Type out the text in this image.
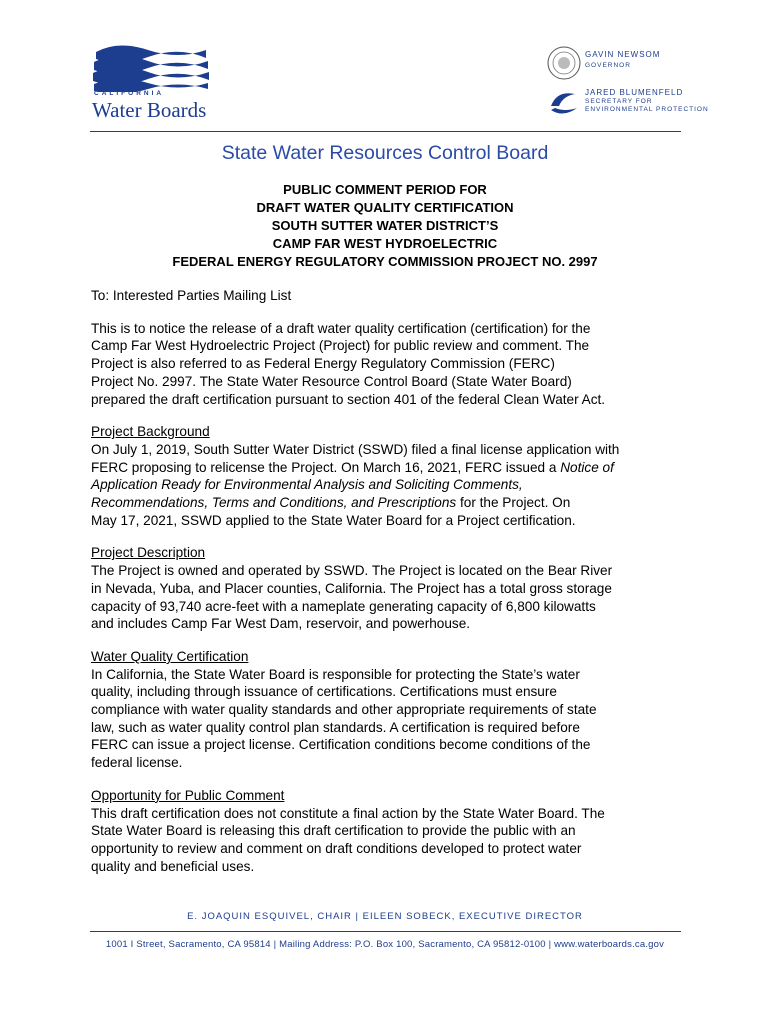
CALIFORNIA
Water Boards
GAVIN NEWSOM
GOVERNOR
JARED BLUMENFELD
SECRETARY FOR
ENVIRONMENTAL PROTECTION
State Water Resources Control Board
PUBLIC COMMENT PERIOD FOR
DRAFT WATER QUALITY CERTIFICATION
SOUTH SUTTER WATER DISTRICT’S
CAMP FAR WEST HYDROELECTRIC
FEDERAL ENERGY REGULATORY COMMISSION PROJECT NO. 2997

To: Interested Parties Mailing List

This is to notice the release of a draft water quality certification (certification) for the
Camp Far West Hydroelectric Project (Project) for public review and comment. The
Project is also referred to as Federal Energy Regulatory Commission (FERC)
Project No. 2997. The State Water Resource Control Board (State Water Board)
prepared the draft certification pursuant to section 401 of the federal Clean Water Act.

Project Background
On July 1, 2019, South Sutter Water District (SSWD) filed a final license application with
FERC proposing to relicense the Project. On March 16, 2021, FERC issued a Notice of
Application Ready for Environmental Analysis and Soliciting Comments,
Recommendations, Terms and Conditions, and Prescriptions for the Project. On
May 17, 2021, SSWD applied to the State Water Board for a Project certification.

Project Description
The Project is owned and operated by SSWD. The Project is located on the Bear River
in Nevada, Yuba, and Placer counties, California. The Project has a total gross storage
capacity of 93,740 acre-feet with a nameplate generating capacity of 6,800 kilowatts
and includes Camp Far West Dam, reservoir, and powerhouse.

Water Quality Certification
In California, the State Water Board is responsible for protecting the State’s water
quality, including through issuance of certifications. Certifications must ensure
compliance with water quality standards and other appropriate requirements of state
law, such as water quality control plan standards. A certification is required before
FERC can issue a project license. Certification conditions become conditions of the
federal license.

Opportunity for Public Comment
This draft certification does not constitute a final action by the State Water Board. The
State Water Board is releasing this draft certification to provide the public with an
opportunity to review and comment on draft conditions developed to protect water
quality and beneficial uses.

E. JOAQUIN ESQUIVEL, CHAIR | EILEEN SOBECK, EXECUTIVE DIRECTOR
1001 I Street, Sacramento, CA 95814 | Mailing Address: P.O. Box 100, Sacramento, CA 95812-0100 | www.waterboards.ca.gov
